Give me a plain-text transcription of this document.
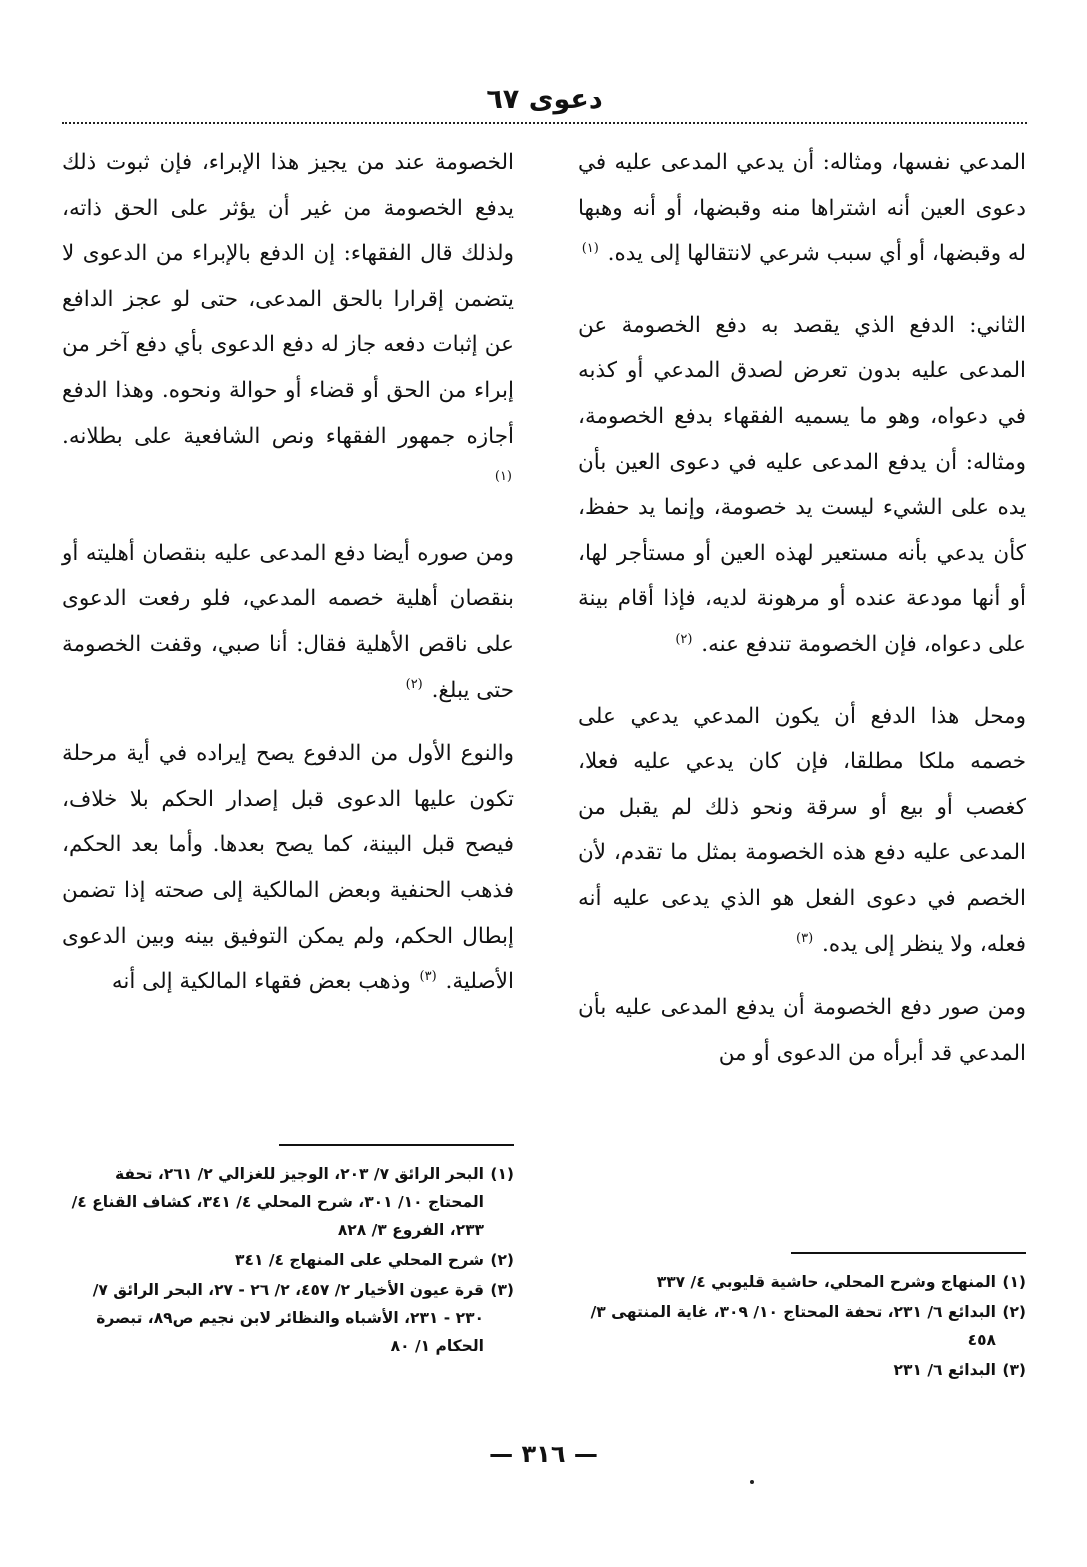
دعوى ٦٧

المدعي نفسها، ومثاله: أن يدعي المدعى عليه في دعوى العين أنه اشتراها منه وقبضها، أو أنه وهبها له وقبضها، أو أي سبب شرعي لانتقالها إلى يده. $^{(١)}$

الثاني: الدفع الذي يقصد به دفع الخصومة عن المدعى عليه بدون تعرض لصدق المدعي أو كذبه في دعواه، وهو ما يسميه الفقهاء بدفع الخصومة، ومثاله: أن يدفع المدعى عليه في دعوى العين بأن يده على الشيء ليست يد خصومة، وإنما يد حفظ، كأن يدعي بأنه مستعير لهذه العين أو مستأجر لها، أو أنها مودعة عنده أو مرهونة لديه، فإذا أقام بينة على دعواه، فإن الخصومة تندفع عنه. $^{(٢)}$

ومحل هذا الدفع أن يكون المدعي يدعي على خصمه ملكا مطلقا، فإن كان يدعي عليه فعلا، كغصب أو بيع أو سرقة ونحو ذلك لم يقبل من المدعى عليه دفع هذه الخصومة بمثل ما تقدم، لأن الخصم في دعوى الفعل هو الذي يدعى عليه أنه فعله، ولا ينظر إلى يده. $^{(٣)}$

ومن صور دفع الخصومة أن يدفع المدعى عليه بأن المدعي قد أبرأه من الدعوى أو من

الخصومة عند من يجيز هذا الإبراء، فإن ثبوت ذلك يدفع الخصومة من غير أن يؤثر على الحق ذاته، ولذلك قال الفقهاء: إن الدفع بالإبراء من الدعوى لا يتضمن إقرارا بالحق المدعى، حتى لو عجز الدافع عن إثبات دفعه جاز له دفع الدعوى بأي دفع آخر من إبراء من الحق أو قضاء أو حوالة ونحوه. وهذا الدفع أجازه جمهور الفقهاء ونص الشافعية على بطلانه. $^{(١)}$

ومن صوره أيضا دفع المدعى عليه بنقصان أهليته أو بنقصان أهلية خصمه المدعي، فلو رفعت الدعوى على ناقص الأهلية فقال: أنا صبي، وقفت الخصومة حتى يبلغ. $^{(٢)}$

والنوع الأول من الدفوع يصح إيراده في أية مرحلة تكون عليها الدعوى قبل إصدار الحكم بلا خلاف، فيصح قبل البينة، كما يصح بعدها. وأما بعد الحكم، فذهب الحنفية وبعض المالكية إلى صحته إذا تضمن إبطال الحكم، ولم يمكن التوفيق بينه وبين الدعوى الأصلية. $^{(٣)}$ وذهب بعض فقهاء المالكية إلى أنه

(١)المنهاج وشرح المحلي، حاشية قليوبي ٤/ ٣٣٧

(٢)البدائع ٦/ ٢٣١، تحفة المحتاج ١٠/ ٣٠٩، غاية المنتهى ٣/ ٤٥٨

(٣)البدائع ٦/ ٢٣١

(١)البحر الرائق ٧/ ٢٠٣، الوجيز للغزالي ٢/ ٢٦١، تحفة المحتاج ١٠/ ٣٠١، شرح المحلي ٤/ ٣٤١، كشاف القناع ٤/ ٢٣٣، الفروع ٣/ ٨٢٨

(٢)شرح المحلي على المنهاج ٤/ ٣٤١

(٣)قرة عيون الأخيار ٢/ ٤٥٧، ٢/ ٢٦ - ٢٧، البحر الرائق ٧/ ٢٣٠ - ٢٣١، الأشباه والنظائر لابن نجيم ص٨٩، تبصرة الحكام ١/ ٨٠

— ٣١٦ —
